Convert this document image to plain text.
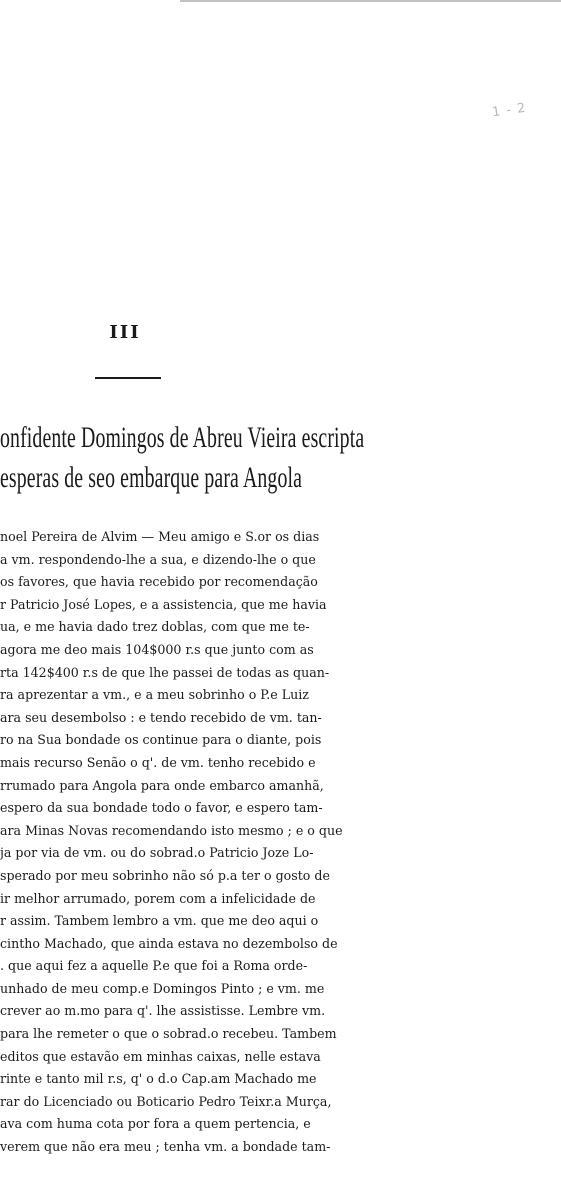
1 - 2
III
onfidente Domingos de Abreu Vieira escripta
esperas de seo embarque para Angola
noel Pereira de Alvim — Meu amigo e S.or os dias
a vm. respondendo-lhe a sua, e dizendo-lhe o que
os favores, que havia recebido por recomendação
r Patricio José Lopes, e a assistencia, que me havia
ua, e me havia dado trez doblas, com que me te-
agora me deo mais 104$000 r.s que junto com as
rta 142$400 r.s de que lhe passei de todas as quan-
ra aprezentar a vm., e a meu sobrinho o P.e Luiz
ara seu desembolso : e tendo recebido de vm. tan-
ro na Sua bondade os continue para o diante, pois
mais recurso Senão o q'. de vm. tenho recebido e
rrumado para Angola para onde embarco amanhã,
espero da sua bondade todo o favor, e espero tam-
ara Minas Novas recomendando isto mesmo ; e o que
ja por via de vm. ou do sobrad.o Patricio Joze Lo-
sperado por meu sobrinho não só p.a ter o gosto de
ir melhor arrumado, porem com a infelicidade de
r assim. Tambem lembro a vm. que me deo aqui o
cintho Machado, que ainda estava no dezembolso de
. que aqui fez a aquelle P.e que foi a Roma orde-
unhado de meu comp.e Domingos Pinto ; e vm. me
crever ao m.mo para q'. lhe assistisse. Lembre vm.
para lhe remeter o que o sobrad.o recebeu. Tambem
editos que estavão em minhas caixas, nelle estava
rinte e tanto mil r.s, q' o d.o Cap.am Machado me
rar do Licenciado ou Boticario Pedro Teixr.a Murça,
ava com huma cota por fora a quem pertencia, e
verem que não era meu ; tenha vm. a bondade tam-
